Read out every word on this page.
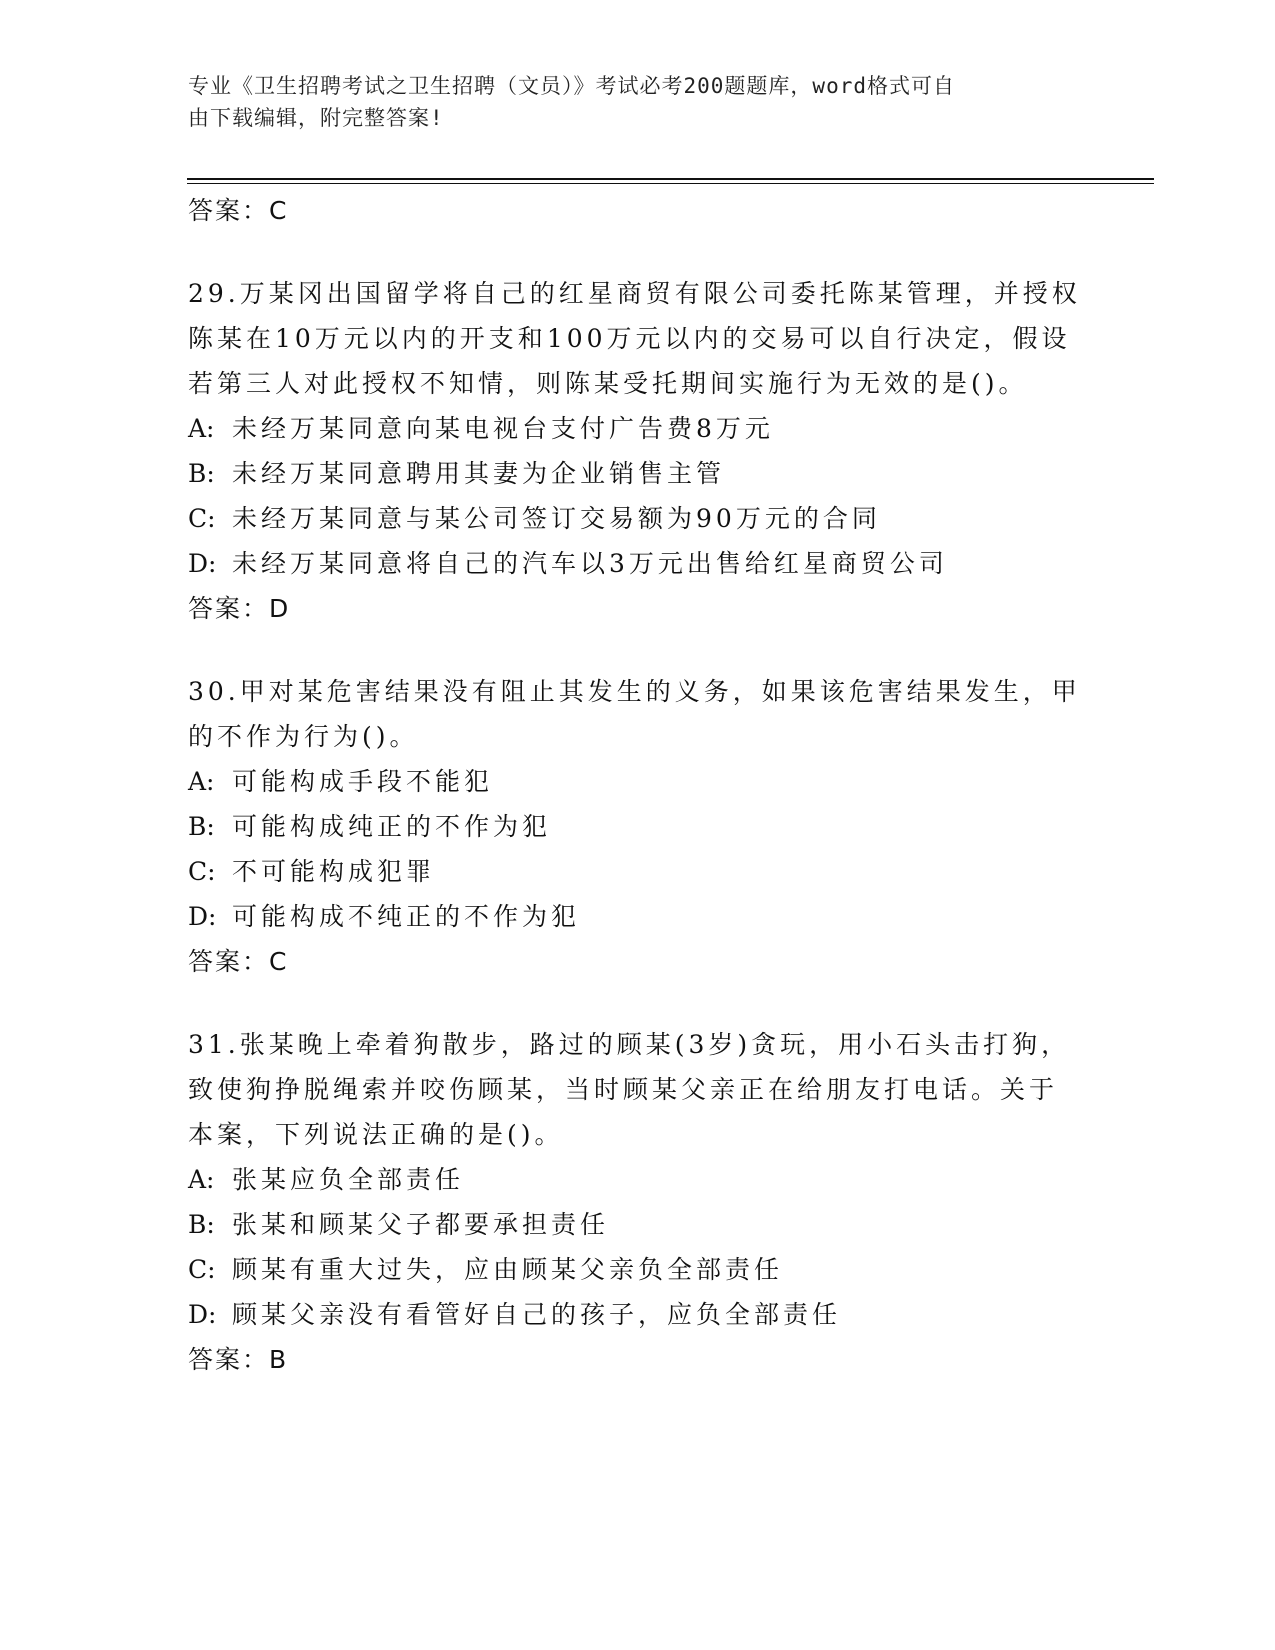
专业《卫生招聘考试之卫生招聘（文员）》考试必考200题题库，word格式可自
由下载编辑，附完整答案!
答案：C
29.万某冈出国留学将自己的红星商贸有限公司委托陈某管理，并授权
陈某在10万元以内的开支和100万元以内的交易可以自行决定，假设
若第三人对此授权不知情，则陈某受托期间实施行为无效的是()。
A: 未经万某同意向某电视台支付广告费8万元
B: 未经万某同意聘用其妻为企业销售主管
C: 未经万某同意与某公司签订交易额为90万元的合同
D: 未经万某同意将自己的汽车以3万元出售给红星商贸公司
答案：D
30.甲对某危害结果没有阻止其发生的义务，如果该危害结果发生，甲
的不作为行为()。
A: 可能构成手段不能犯
B: 可能构成纯正的不作为犯
C: 不可能构成犯罪
D: 可能构成不纯正的不作为犯
答案：C
31.张某晚上牵着狗散步，路过的顾某(3岁)贪玩，用小石头击打狗，
致使狗挣脱绳索并咬伤顾某，当时顾某父亲正在给朋友打电话。关于
本案，下列说法正确的是()。
A: 张某应负全部责任
B: 张某和顾某父子都要承担责任
C: 顾某有重大过失，应由顾某父亲负全部责任
D: 顾某父亲没有看管好自己的孩子，应负全部责任
答案：B
